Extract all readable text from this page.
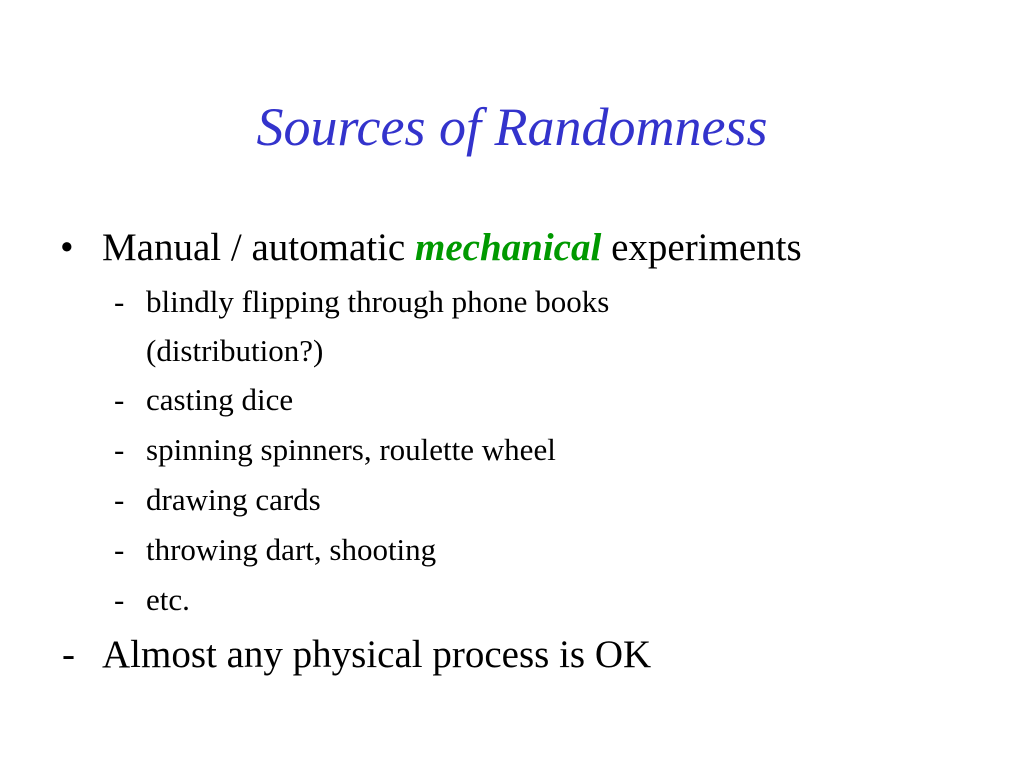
Sources of Randomness
• Manual / automatic mechanical experiments
- blindly flipping through phone books
(distribution?)
- casting dice
- spinning spinners, roulette wheel
- drawing cards
- throwing dart, shooting
- etc.
- Almost any physical process is OK
